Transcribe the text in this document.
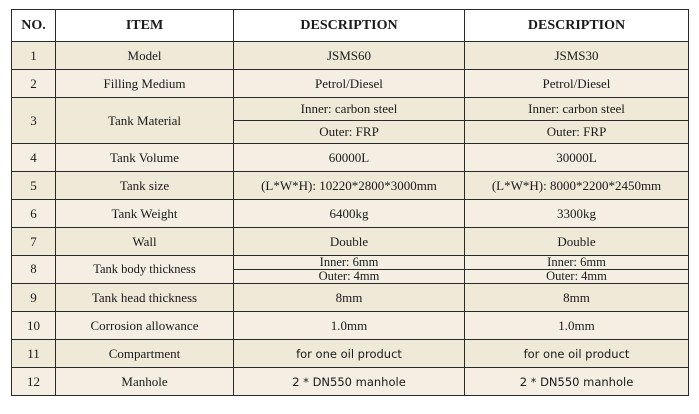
NO.	ITEM	DESCRIPTION	DESCRIPTION
1	Model	JSMS60	JSMS30
2	Filling Medium	Petrol/Diesel	Petrol/Diesel
3	Tank Material	Inner: carbon steel	Inner: carbon steel
		Outer: FRP	Outer: FRP
4	Tank Volume	60000L	30000L
5	Tank size	(L*W*H): 10220*2800*3000mm	(L*W*H): 8000*2200*2450mm
6	Tank Weight	6400kg	3300kg
7	Wall	Double	Double
8	Tank body thickness	Inner: 6mm	Inner: 6mm
		Outer: 4mm	Outer: 4mm
9	Tank head thickness	8mm	8mm
10	Corrosion allowance	1.0mm	1.0mm
11	Compartment	for one oil product	for one oil product
12	Manhole	2 * DN550 manhole	2 * DN550 manhole
